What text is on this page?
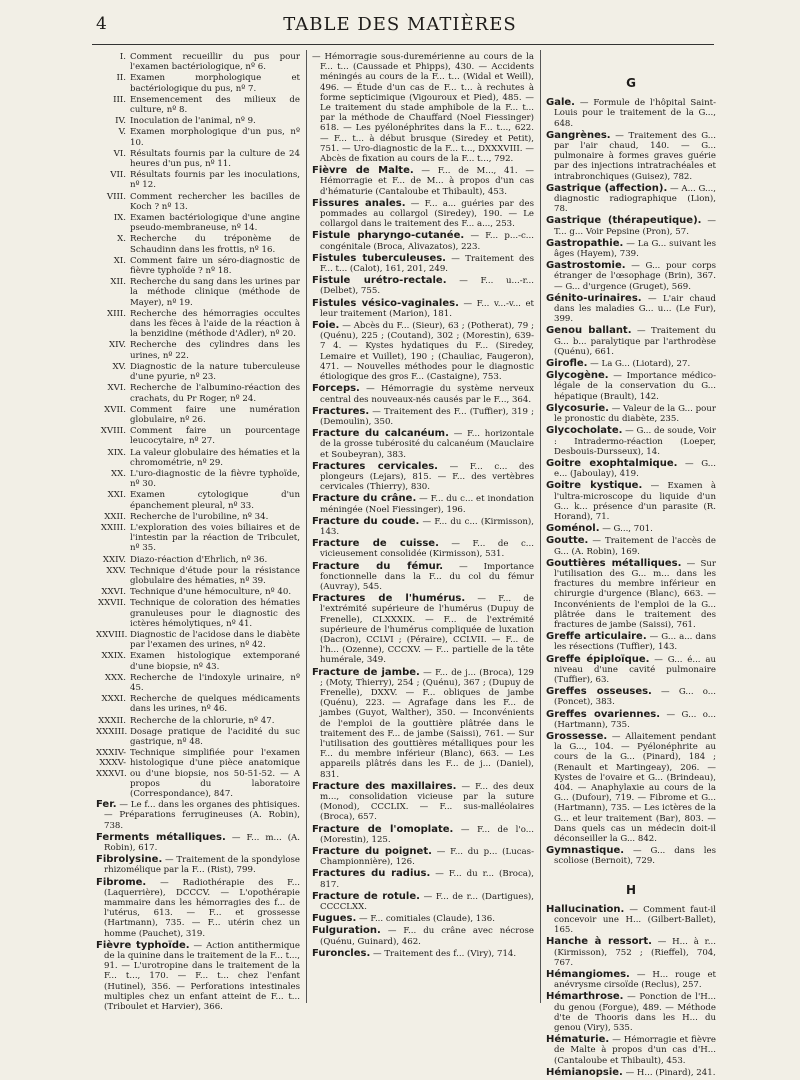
4	TABLE DES MATIÈRES
I. Comment recueillir du pus pour l'examen bactériologique, nº 6.
II. Examen morphologique et bactériologique du pus, nº 7.
III. Ensemencement des milieux de culture, nº 8.
IV. Inoculation de l'animal, nº 9.
V. Examen morphologique d'un pus, nº 10.
VI. Résultats fournis par la culture de 24 heures d'un pus, nº 11.
VII. Résultats fournis par les inoculations, nº 12.
VIII. Comment rechercher les bacilles de Koch ? nº 13.
IX. Examen bactériologique d'une angine pseudo-membraneuse, nº 14.
X. Recherche du tréponème de Schaudinn dans les frottis, nº 16.
XI. Comment faire un séro-diagnostic de fièvre typhoïde ? nº 18.
XII. Recherche du sang dans les urines par la méthode clinique (méthode de Mayer), nº 19.
XIII. Recherche des hémorragies occultes dans les fèces à l'aide de la réaction à la benzidine (méthode d'Adler), nº 20.
XIV. Recherche des cylindres dans les urines, nº 22.
XV. Diagnostic de la nature tuberculeuse d'une pyurie, nº 23.
XVI. Recherche de l'albumino-réaction des crachats, du Pr Roger, nº 24.
XVII. Comment faire une numération globulaire, nº 26.
XVIII. Comment faire un pourcentage leucocytaire, nº 27.
XIX. La valeur globulaire des hématies et la chromométrie, nº 29.
XX. L'uro-diagnostic de la fièvre typhoïde, nº 30.
XXI. Examen cytologique d'un épanchement pleural, nº 33.
XXII. Recherche de l'urobiline, nº 34.
XXIII. L'exploration des voies biliaires et de l'intestin par la réaction de Tribculet, nº 35.
XXIV. Diazo-réaction d'Ehrlich, nº 36.
XXV. Technique d'étude pour la résistance globulaire des hématies, nº 39.
XXVI. Technique d'une hémoculture, nº 40.
XXVII. Technique de coloration des hématies granuleuses pour le diagnostic des ictères hémolytiques, nº 41.
XXVIII. Diagnostic de l'acidose dans le diabète par l'examen des urines, nº 42.
XXIX. Examen histologique extemporané d'une biopsie, nº 43.
XXX. Recherche de l'indoxyle urinaire, nº 45.
XXXI. Recherche de quelques médicaments dans les urines, nº 46.
XXXII. Recherche de la chlorurie, nº 47.
XXXIII. Dosage pratique de l'acidité du suc gastrique, nº 48.
XXXIV-XXXV-XXXVI.
Technique simplifiée pour l'examen histologique d'une pièce anatomique ou d'une biopsie, nos 50-51-52. — A propos du laboratoire (Correspondance), 847.
Fer. — Le f... dans les organes des phtisiques. — Préparations ferrugineuses (A. Robin), 738.
Ferments métalliques. — F... m... (A. Robin), 617.
Fibrolysine. — Traitement de la spondylose rhizomélique par la F... (Rist), 799.
Fibrome. — Radiothérapie des F... (Laquerrière), DCCCV. — L'opothérapie mammaire dans les hémorragies des f... de l'utérus, 613. — F... et grossesse (Hartmann), 735. — F... utérin chez un homme (Pauchet), 319.
Fièvre typhoïde. — Action antithermique de la quinine dans le traitement de la F... t..., 91. — L'urotropine dans le traitement de la F... t..., 170. — F... t... chez l'enfant (Hutinel), 356. — Perforations intestinales multiples chez un enfant atteint de F... t... (Triboulet et Harvier), 366.
— Hémorragie sous-duremérienne au cours de la F... t... (Caussade et Phipps), 430. — Accidents méningés au cours de la F... t... (Widal et Weill), 496. — Étude d'un cas de F... t... à rechutes à forme septicimique (Vigouroux et Pied), 485. — Le traitement du stade amphibole de la F... t... par la méthode de Chauffard (Noel Fiessinger) 618. — Les pyélonéphrites dans la F... t..., 622. — F... t... à début brusque (Siredey et Petit), 751. — Uro-diagnostic de la F... t..., DXXXVIII. — Abcès de fixation au cours de la F... t..., 792.
Fièvre de Malte. — F... de M..., 41. — Hémorragie et F... de M... à propos d'un cas d'hématurie (Cantaloube et Thibault), 453.
Fissures anales. — F... a... guéries par des pommades au collargol (Siredey), 190. — Le collargol dans le traitement des F... a..., 253.
Fistule pharyngo-cutanée. — F... p...-c... congénitale (Broca, Alivazatos), 223.
Fistules tuberculeuses. — Traitement des F... t... (Calot), 161, 201, 249.
Fistule urétro-rectale. — F... u...-r... (Delbet), 755.
Fistules vésico-vaginales. — F... v...-v... et leur traitement (Marion), 181.
Foie. — Abcès du F... (Sieur), 63 ; (Potherat), 79 ; (Quénu), 225 ; (Coutand), 302 ; (Morestin), 639-7 4. — Kystes hydatiques du F... (Siredey, Lemaire et Vuillet), 190 ; (Chauliac, Faugeron), 471. — Nouvelles méthodes pour le diagnostic étiologique des gros F... (Castaigne), 753.
Forceps. — Hémorragie du système nerveux central des nouveaux-nés causés par le F..., 364.
Fractures. — Traitement des F... (Tuffier), 319 ; (Demoulin), 350.
Fracture du calcanéum. — F... horizontale de la grosse tubérosité du calcanéum (Mauclaire et Soubeyran), 383.
Fractures cervicales. — F... c... des plongeurs (Lejars), 815. — F... des vertèbres cervicales (Thierry), 830.
Fracture du crâne. — F... du c... et inondation méningée (Noel Fiessinger), 196.
Fracture du coude. — F... du c... (Kirmisson), 143.
Fracture de cuisse. — F... de c... vicieusement consolidée (Kirmisson), 531.
Fracture du fémur. — Importance fonctionnelle dans la F... du col du fémur (Auvray), 545.
Fractures de l'humérus. — F... de l'extrémité supérieure de l'humérus (Dupuy de Frenelle), CLXXXIX. — F... de l'extrémité supérieure de l'humérus compliquée de luxation (Dacron), CCLVI ; (Péraire), CCLVII. — F... de l'h... (Ozenne), CCCXV. — F... partielle de la tête humérale, 349.
Fracture de jambe. — F... de j... (Broca), 129 ; (Moty, Thierry), 254 ; (Quénu), 367 ; (Dupuy de Frenelle), DXXV. — F... obliques de jambe (Quénu), 223. — Agrafage dans les F... de jambes (Guyot, Walther), 350. — Inconvénients de l'emploi de la gouttière plâtrée dans le traitement des F... de jambe (Saissi), 761. — Sur l'utilisation des gouttières métalliques pour les F... du membre inférieur (Blanc), 663. — Les appareils plâtrés dans les F... de j... (Daniel), 831.
Fracture des maxillaires. — F... des deux m..., consolidation vicieuse par la suture (Monod), CCCLIX. — F... sus-malléolaires (Broca), 657.
Fracture de l'omoplate. — F... de l'o... (Morestin), 125.
Fracture du poignet. — F... du p... (Lucas-Championnière), 126.
Fractures du radius. — F... du r... (Broca), 817.
Fracture de rotule. — F... de r... (Dartigues), CCCCLXX.
Fugues. — F... comitiales (Claude), 136.
Fulguration. — F... du crâne avec nécrose (Quénu, Guinard), 462.
Furoncles. — Traitement des f... (Viry), 714.
G
Gale. — Formule de l'hôpital Saint-Louis pour le traitement de la G..., 648.
Gangrènes. — Traitement des G... par l'air chaud, 140. — G... pulmonaire à formes graves guérie par des injections intratrachéales et intrabronchiques (Guisez), 782.
Gastrique (affection). — A... G..., diagnostic radiographique (Lion), 78.
Gastrique (thérapeutique). — T... g... Voir Pepsine (Pron), 57.
Gastropathie. — La G... suivant les âges (Hayem), 739.
Gastrostomie. — G... pour corps étranger de l'œsophage (Brin), 367. — G... d'urgence (Gruget), 569.
Génito-urinaires. — L'air chaud dans les maladies G... u... (Le Fur), 399.
Genou ballant. — Traitement du G... b... paralytique par l'arthrodèse (Quénu), 661.
Girofle. — La G... (Liotard), 27.
Glycogène. — Importance médico-légale de la conservation du G... hépatique (Brault), 142.
Glycosurie. — Valeur de la G... pour le pronostic du diabète, 235.
Glycocholate. — G... de soude, Voir : Intradermo-réaction (Loeper, Desbouis-Dursseux), 14.
Goitre exophtalmique. — G... e... (Jaboulay), 419.
Goitre kystique. — Examen à l'ultra-microscope du liquide d'un G... k... présence d'un parasite (R. Horand), 71.
Goménol. — G..., 701.
Goutte. — Traitement de l'accès de G... (A. Robin), 169.
Gouttières métalliques. — Sur l'utilisation des G... m... dans les fractures du membre inférieur en chirurgie d'urgence (Blanc), 663. — Inconvénients de l'emploi de la G... plâtrée dans le traitement des fractures de jambe (Saissi), 761.
Greffe articulaire. — G... a... dans les résections (Tuffier), 143.
Greffe épiploïque. — G... é... au niveau d'une cavité pulmonaire (Tuffier), 63.
Greffes osseuses. — G... o... (Poncet), 383.
Greffes ovariennes. — G... o... (Hartmann), 735.
Grossesse. — Allaitement pendant la G..., 104. — Pyélonéphrite au cours de la G... (Pinard), 184 ; (Renault et Martingeay), 206. — Kystes de l'ovaire et G... (Brindeau), 404. — Anaphylaxie au cours de la G... (Dufour), 719. — Fibrome et G... (Hartmann), 735. — Les ictères de la G... et leur traitement (Bar), 803. — Dans quels cas un médecin doit-il déconseiller la G... 842.
Gymnastique. — G... dans les scoliose (Bernoit), 729.
H
Hallucination. — Comment faut-il concevoir une H... (Gilbert-Ballet), 165.
Hanche à ressort. — H... à r... (Kirmisson), 752 ; (Rieffel), 704, 767.
Hémangiomes. — H... rouge et anévrysme cirsoïde (Reclus), 257.
Hémarthrose. — Ponction de l'H... du genou (Forgue), 489. — Méthode d'te de Thooris dans les H... du genou (Viry), 535.
Hématurie. — Hémorragie et fièvre de Malte à propos d'un cas d'H... (Cantaloube et Thibault), 453.
Hémianopsie. — H... (Pinard), 241.
